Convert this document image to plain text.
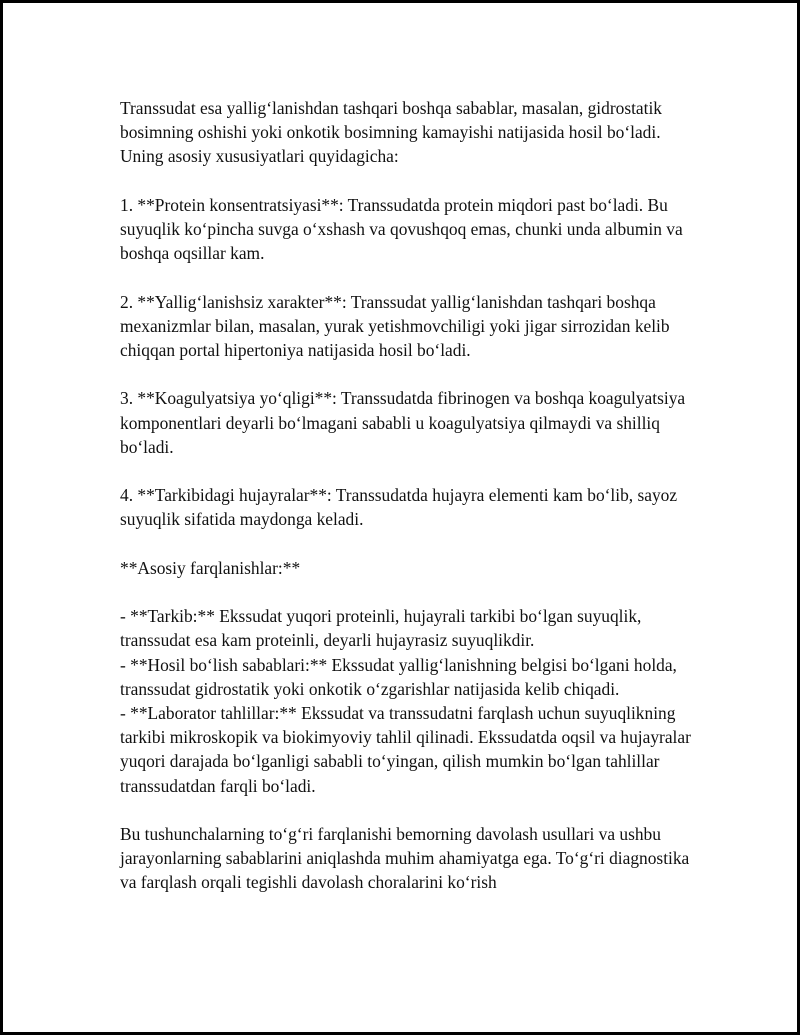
Transsudat esa yallig‘lanishdan tashqari boshqa sabablar, masalan, gidrostatik bosimning oshishi yoki onkotik bosimning kamayishi natijasida hosil bo‘ladi. Uning asosiy xususiyatlari quyidagicha:

1. **Protein konsentratsiyasi**: Transsudatda protein miqdori past bo‘ladi. Bu suyuqlik ko‘pincha suvga o‘xshash va qovushqoq emas, chunki unda albumin va boshqa oqsillar kam.

2. **Yallig‘lanishsiz xarakter**: Transsudat yallig‘lanishdan tashqari boshqa mexanizmlar bilan, masalan, yurak yetishmovchiligi yoki jigar sirrozidan kelib chiqqan portal hipertoniya natijasida hosil bo‘ladi.

3. **Koagulyatsiya yo‘qligi**: Transsudatda fibrinogen va boshqa koagulyatsiya komponentlari deyarli bo‘lmagani sababli u koagulyatsiya qilmaydi va shilliq bo‘ladi.

4. **Tarkibidagi hujayralar**: Transsudatda hujayra elementi kam bo‘lib, sayoz suyuqlik sifatida maydonga keladi.

**Asosiy farqlanishlar:**

- **Tarkib:** Ekssudat yuqori proteinli, hujayrali tarkibi bo‘lgan suyuqlik, transsudat esa kam proteinli, deyarli hujayrasiz suyuqlikdir.

- **Hosil bo‘lish sabablari:** Ekssudat yallig‘lanishning belgisi bo‘lgani holda, transsudat gidrostatik yoki onkotik o‘zgarishlar natijasida kelib chiqadi.

- **Laborator tahlillar:** Ekssudat va transsudatni farqlash uchun suyuqlikning tarkibi mikroskopik va biokimyoviy tahlil qilinadi. Ekssudatda oqsil va hujayralar yuqori darajada bo‘lganligi sababli to‘yingan, qilish mumkin bo‘lgan tahlillar transsudatdan farqli bo‘ladi.

Bu tushunchalarning to‘g‘ri farqlanishi bemorning davolash usullari va ushbu jarayonlarning sabablarini aniqlashda muhim ahamiyatga ega. To‘g‘ri diagnostika va farqlash orqali tegishli davolash choralarini ko‘rish
